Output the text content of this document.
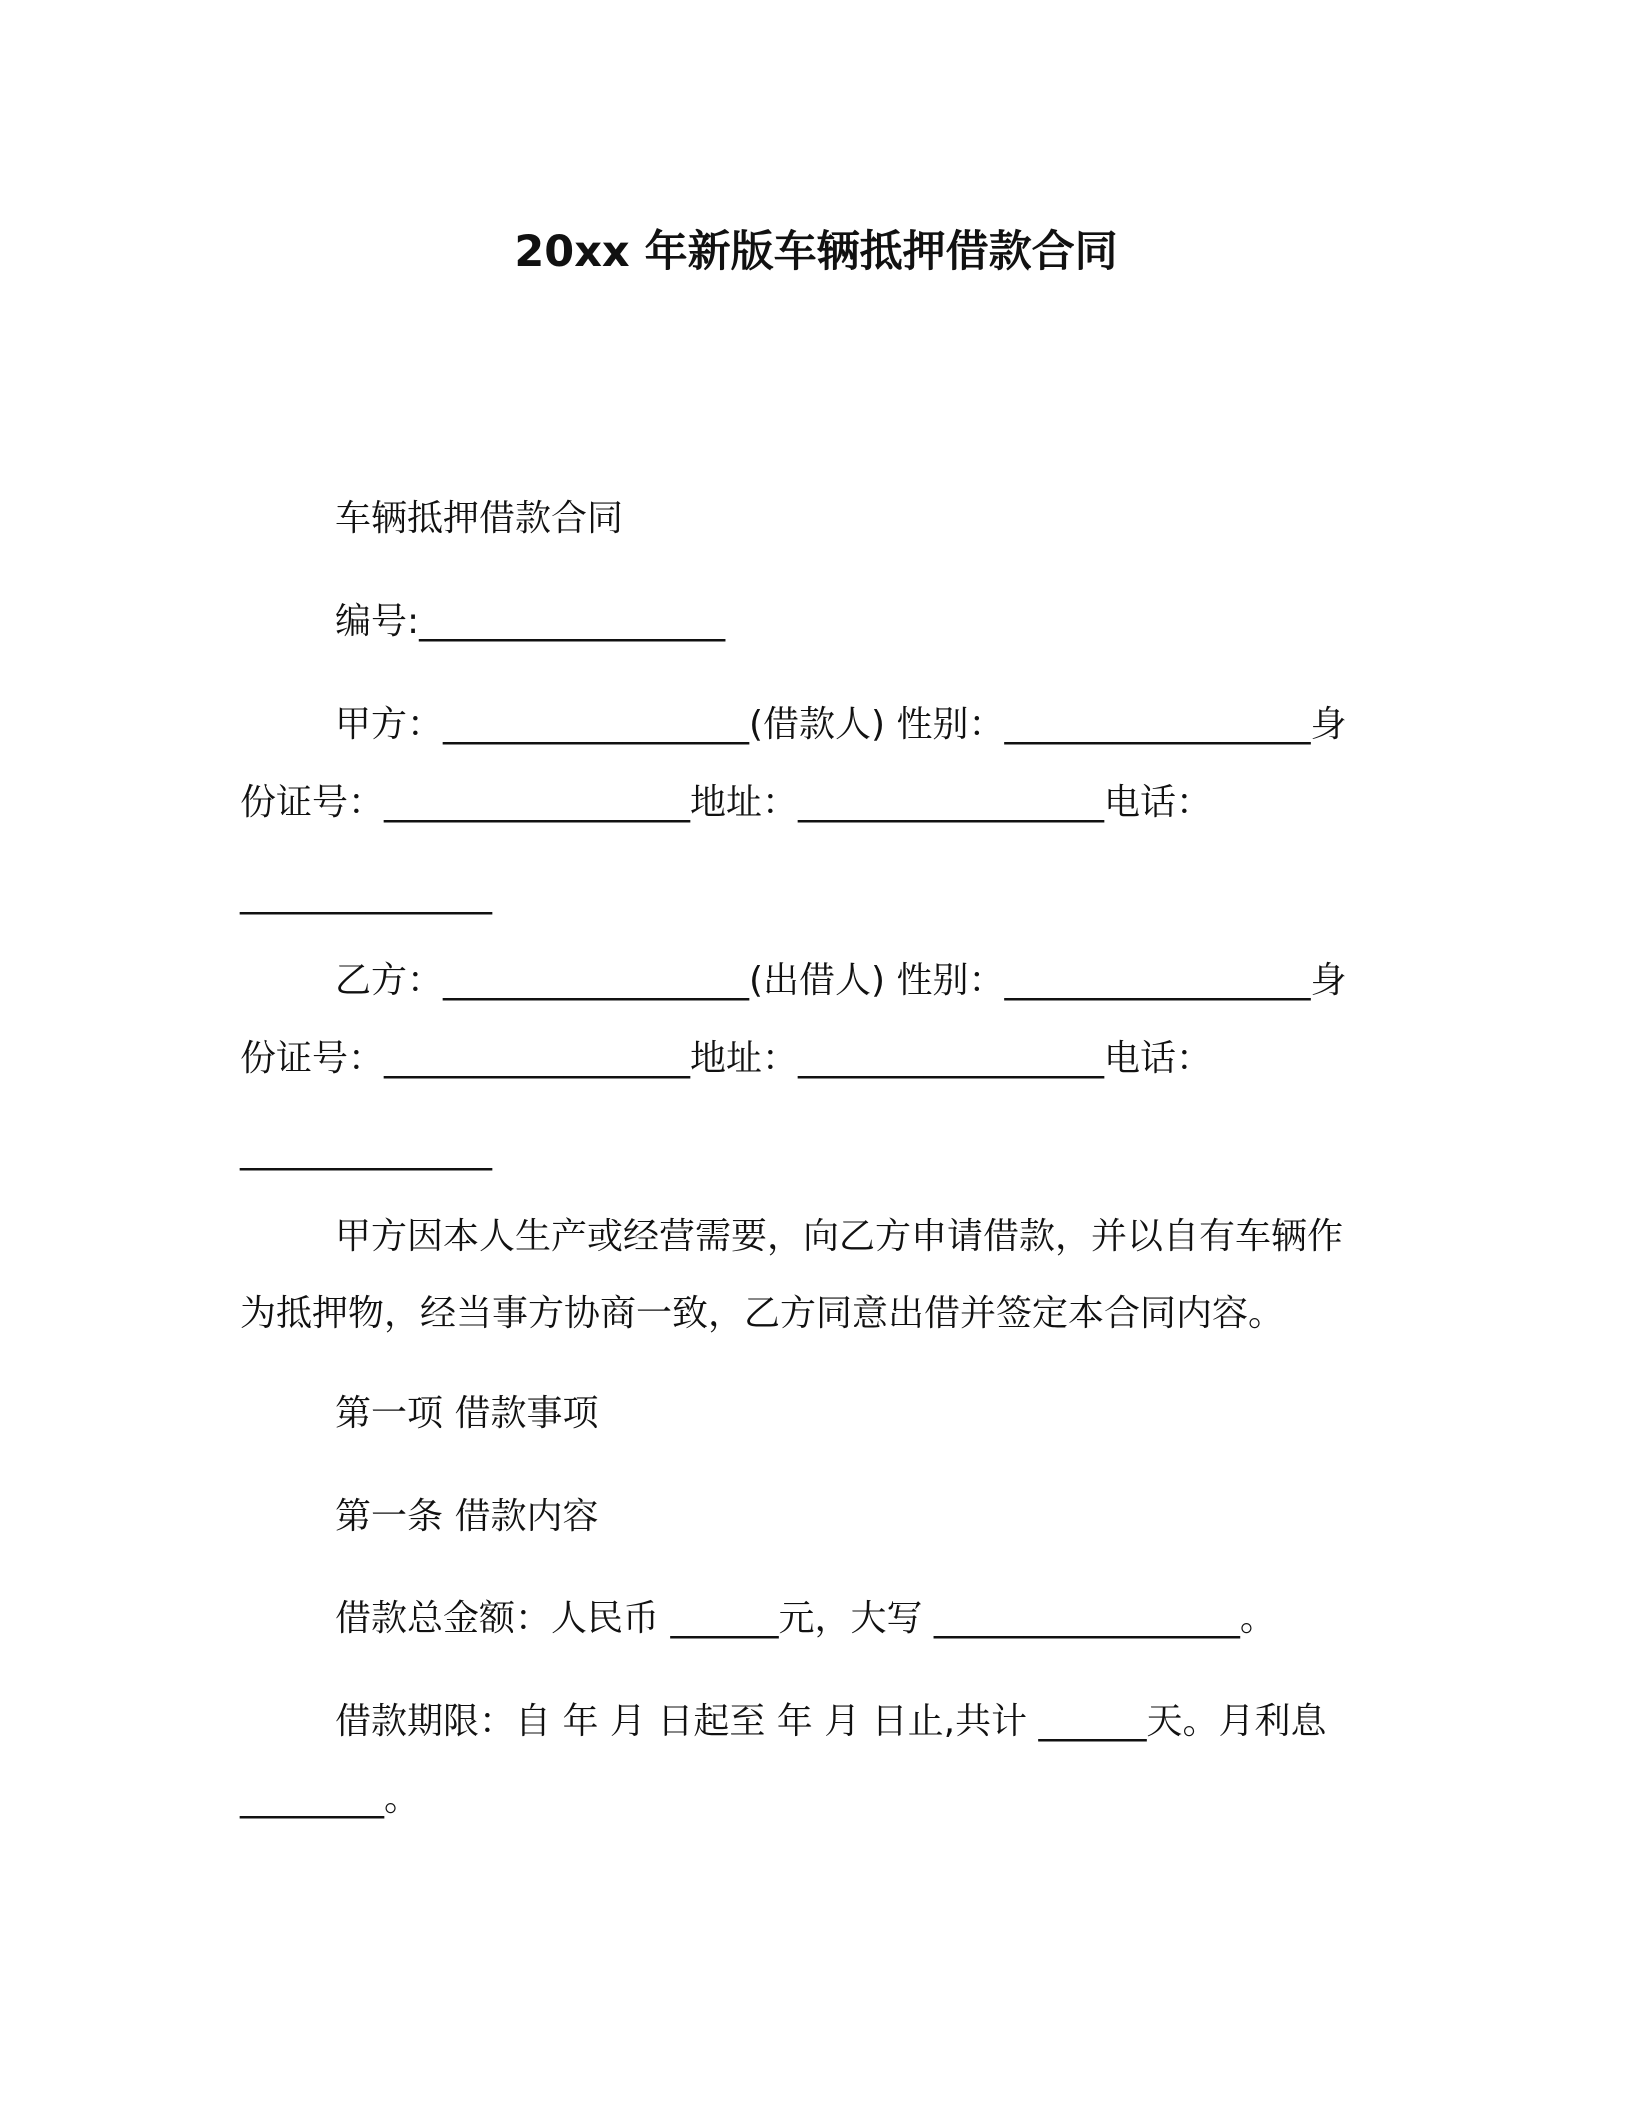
20xx 年新版车辆抵押借款合同
车辆抵押借款合同
编号:_________________
甲方：_________________(借款人) 性别：_________________身
份证号：_________________地址：_________________电话：
______________
乙方：_________________(出借人) 性别：_________________身
份证号：_________________地址：_________________电话：
______________
甲方因本人生产或经营需要，向乙方申请借款，并以自有车辆作
为抵押物，经当事方协商一致，乙方同意出借并签定本合同内容。
第一项 借款事项
第一条 借款内容
借款总金额：人民币 ______元，大写 _________________。
借款期限：自 年 月 日起至 年 月 日止,共计 ______天。月利息
________。
